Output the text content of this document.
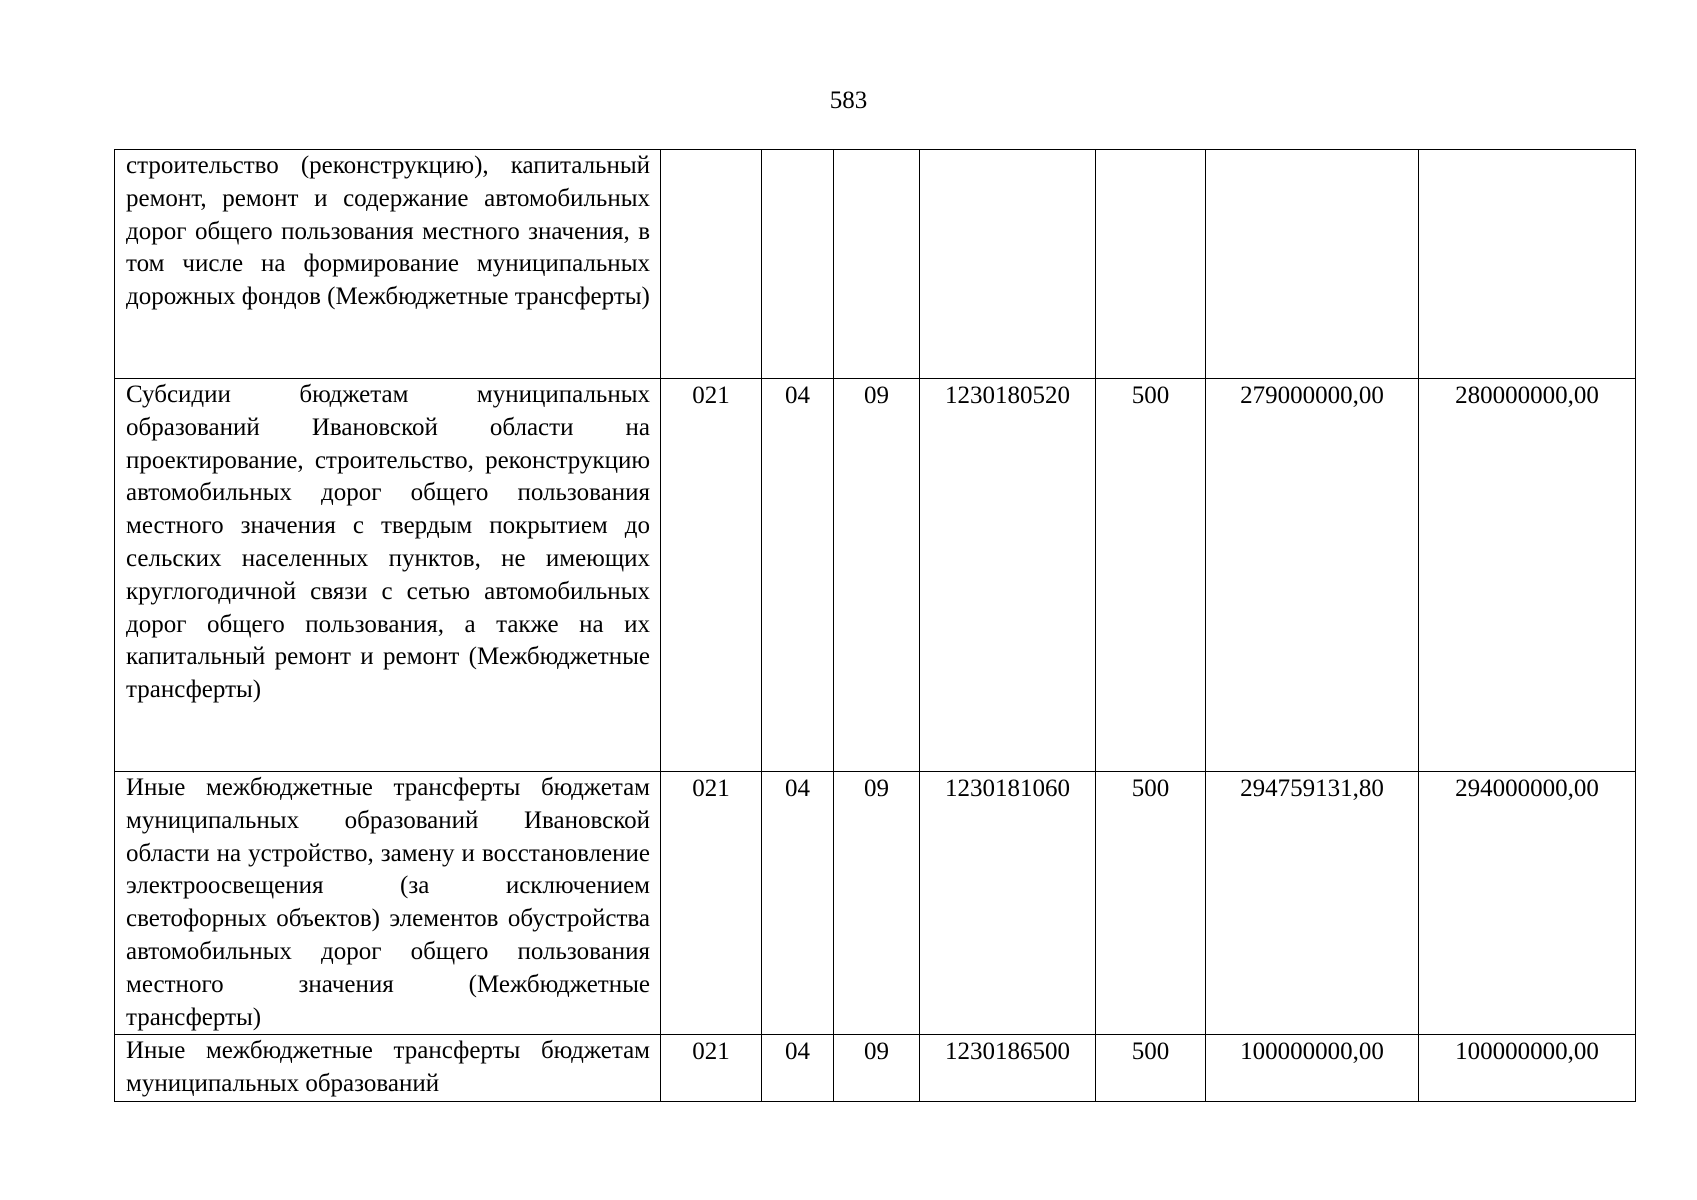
583
строительство (реконструкцию), капитальный ремонт, ремонт и содержание автомобильных дорог общего пользования местного значения, в том числе на формирование муниципальных дорожных фондов (Межбюджетные трансферты)							
Субсидии бюджетам муниципальных образований Ивановской области на проектирование, строительство, реконструкцию автомобильных дорог общего пользования местного значения с твердым покрытием до сельских населенных пунктов, не имеющих круглогодичной связи с сетью автомобильных дорог общего пользования, а также на их капитальный ремонт и ремонт (Межбюджетные трансферты)	021	04	09	1230180520	500	279000000,00	280000000,00
Иные межбюджетные трансферты бюджетам муниципальных образований Ивановской области на устройство, замену и восстановление электроосвещения (за исключением светофорных объектов) элементов обустройства автомобильных дорог общего пользования местного значения (Межбюджетные трансферты)	021	04	09	1230181060	500	294759131,80	294000000,00
Иные межбюджетные трансферты бюджетам муниципальных образований	021	04	09	1230186500	500	100000000,00	100000000,00
